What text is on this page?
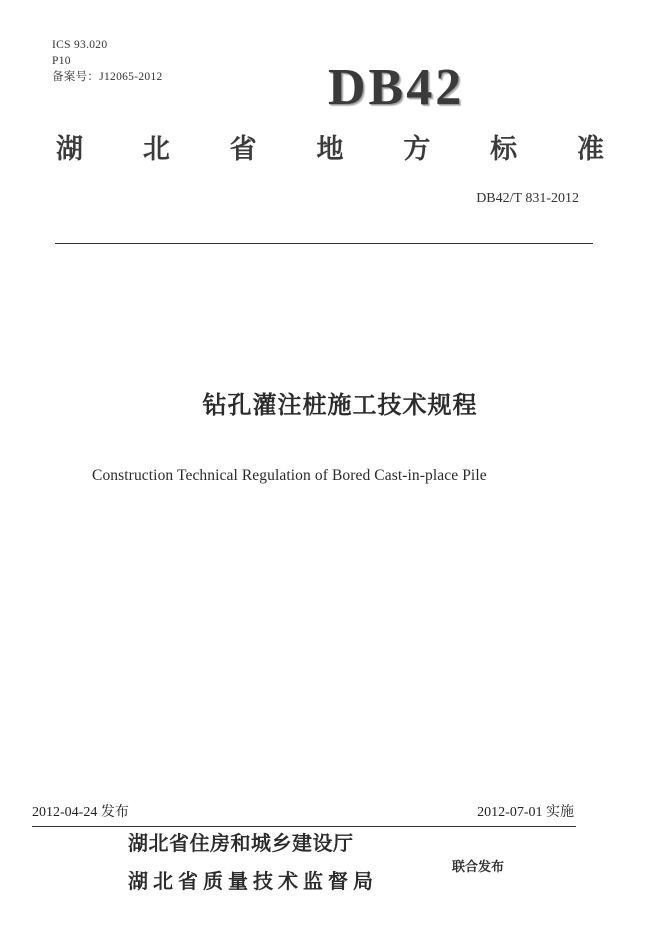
ICS 93.020
P10
备案号：J12065-2012	DB42
湖 北 省 地 方 标 准
DB42/T 831-2012
钻孔灌注桩施工技术规程
Construction Technical Regulation of Bored Cast-in-place Pile
2012-04-24 发布	2012-07-01 实施
湖北省住房和城乡建设厅
湖北省质量技术监督局
联合发布
